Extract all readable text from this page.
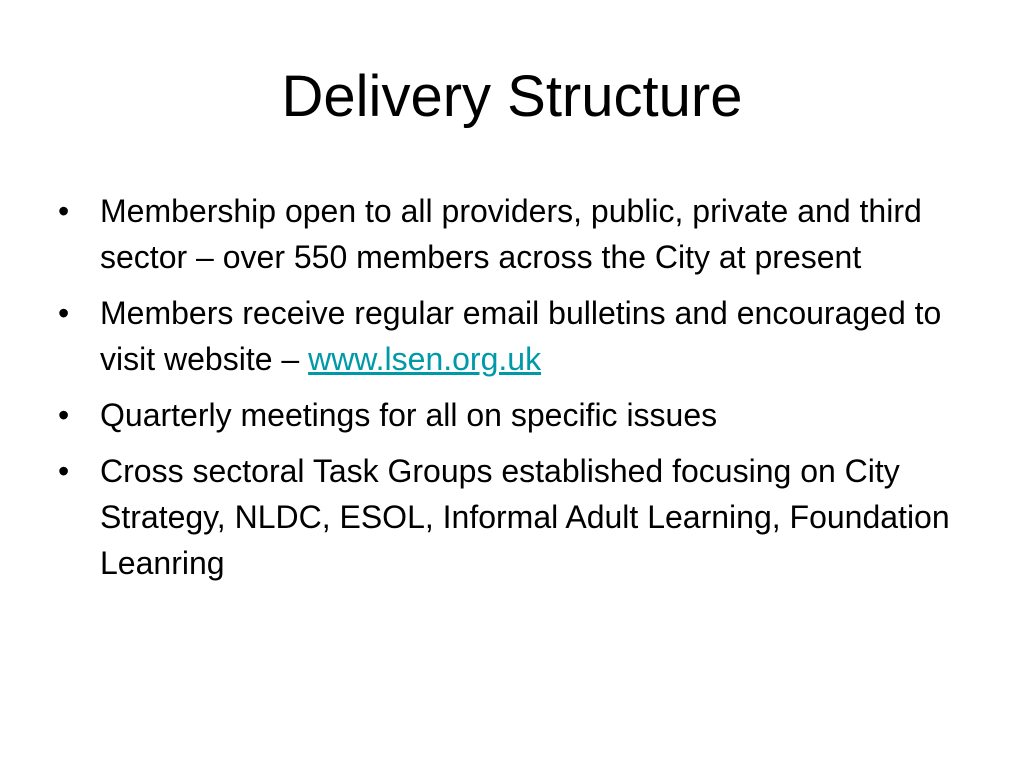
Delivery Structure
• Membership open to all providers, public, private and third sector – over 550 members across the City at present
• Members receive regular email bulletins and encouraged to visit website – www.lsen.org.uk
• Quarterly meetings for all on specific issues
• Cross sectoral Task Groups established focusing on City Strategy, NLDC, ESOL, Informal Adult Learning, Foundation Leanring
